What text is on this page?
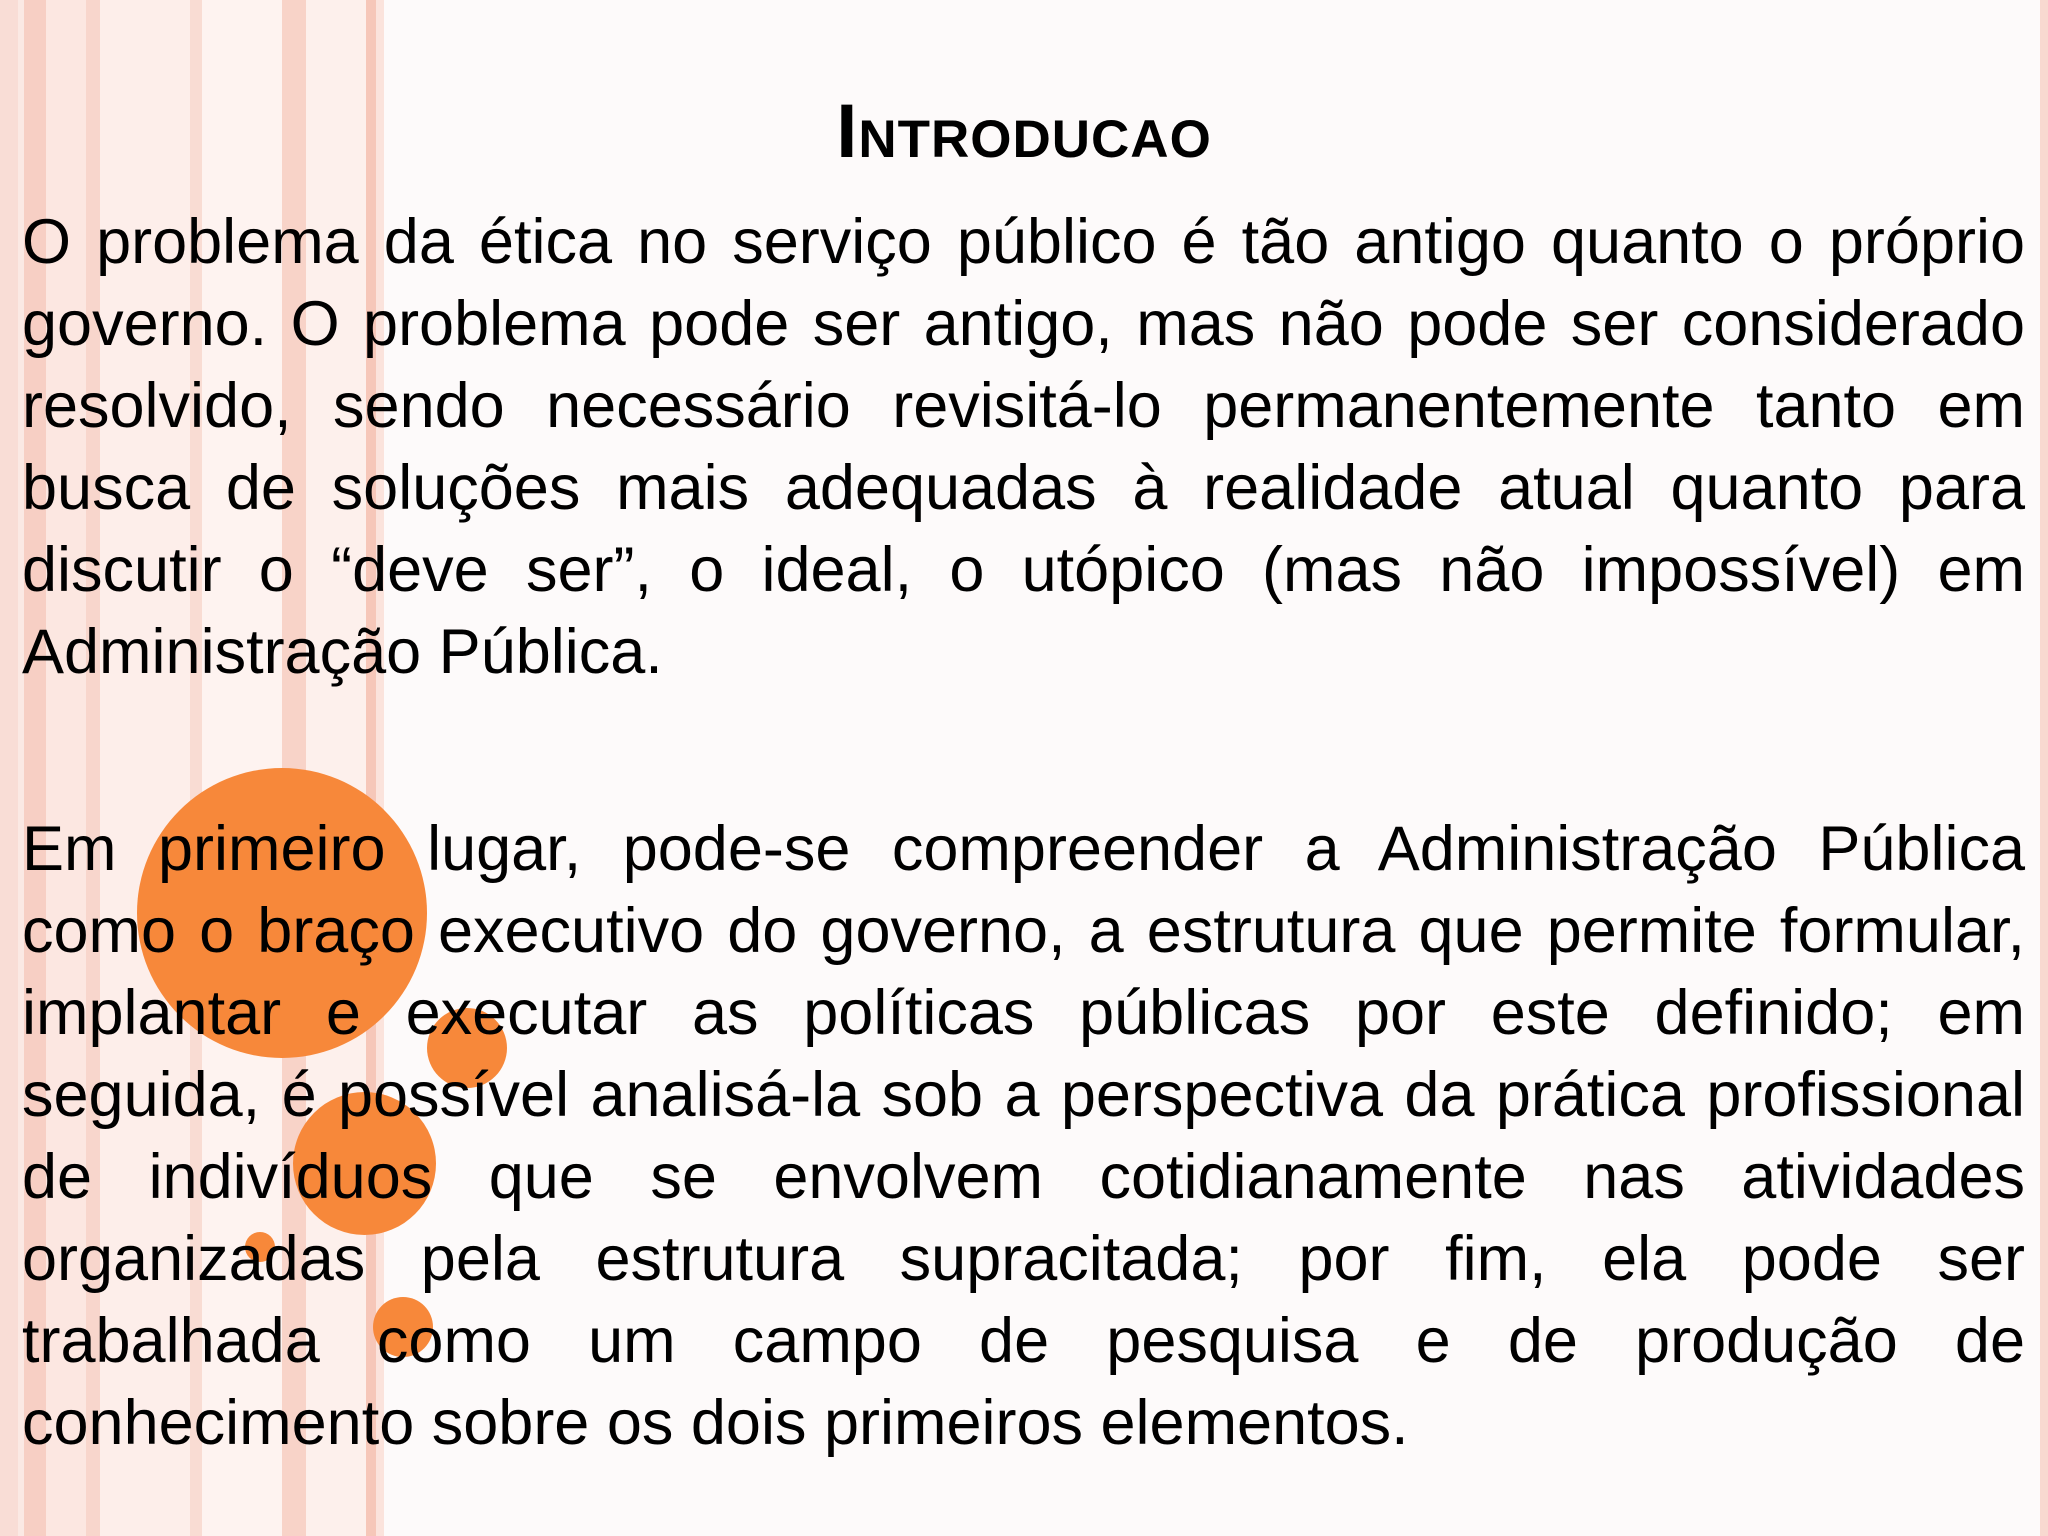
Introducao

O problema da ética no serviço público é tão antigo quanto o próprio governo. O problema pode ser antigo, mas não pode ser considerado resolvido, sendo necessário revisitá-lo permanentemente tanto em busca de soluções mais adequadas à realidade atual quanto para discutir o “deve ser”, o ideal, o utópico (mas não impossível) em Administração Pública.

Em primeiro lugar, pode-se compreender a Administração Pública como o braço executivo do governo, a estrutura que permite formular, implantar e executar as políticas públicas por este definido; em seguida, é possível analisá-la sob a perspectiva da prática profissional de indivíduos que se envolvem cotidianamente nas atividades organizadas pela estrutura supracitada; por fim, ela pode ser trabalhada como um campo de pesquisa e de produção de conhecimento sobre os dois primeiros elementos.
